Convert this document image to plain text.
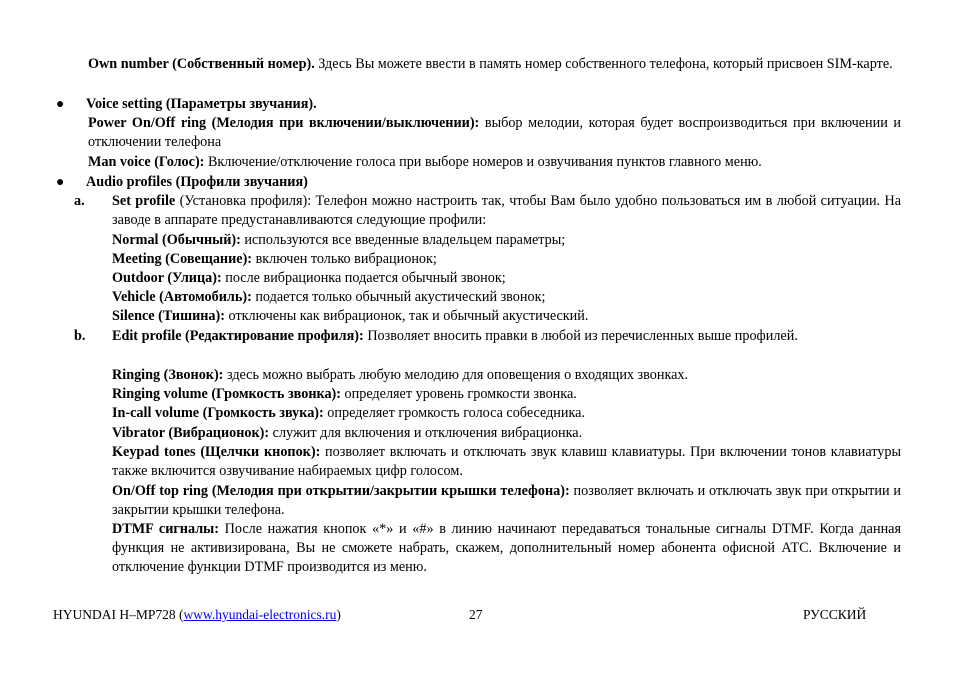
Own number (Собственный номер). Здесь Вы можете ввести в память номер собственного телефона, который присвоен SIM-карте.

● Voice setting (Параметры звучания).

Power On/Off ring (Мелодия при включении/выключении): выбор мелодии, которая будет воспроизводиться при включении и отключении телефона

Man voice (Голос): Включение/отключение голоса при выборе номеров и озвучивания пунктов главного меню.

● Audio profiles (Профили звучания)

a. Set profile (Установка профиля): Телефон можно настроить так, чтобы Вам было удобно пользоваться им в любой ситуации. На заводе в аппарате предустанавливаются следующие профили:

Normal (Обычный): используются все введенные владельцем параметры;

Meeting (Совещание): включен только вибрационок;

Outdoor (Улица): после вибрационка подается обычный звонок;

Vehicle (Автомобиль): подается только обычный акустический звонок;

Silence (Тишина): отключены как вибрационок, так и обычный акустический.

b. Edit profile (Редактирование профиля): Позволяет вносить правки в любой из перечисленных выше профилей.

Ringing (Звонок): здесь можно выбрать любую мелодию для оповещения о входящих звонках.

Ringing volume (Громкость звонка): определяет уровень громкости звонка.

In-call volume (Громкость звука): определяет громкость голоса собеседника.

Vibrator (Вибрационок): служит для включения и отключения вибрационка.

Keypad tones (Щелчки кнопок): позволяет включать и отключать звук клавиш клавиатуры. При включении тонов клавиатуры также включится озвучивание набираемых цифр голосом.

On/Off top ring (Мелодия при открытии/закрытии крышки телефона): позволяет включать и отключать звук при открытии и закрытии крышки телефона.

DTMF сигналы: После нажатия кнопок «*» и «#» в линию начинают передаваться тональные сигналы DTMF. Когда данная функция не активизирована, Вы не сможете набрать, скажем, дополнительный номер абонента офисной АТС. Включение и отключение функции DTMF производится из меню.

HYUNDAI H–MP728 (www.hyundai-electronics.ru)	27	РУССКИЙ
